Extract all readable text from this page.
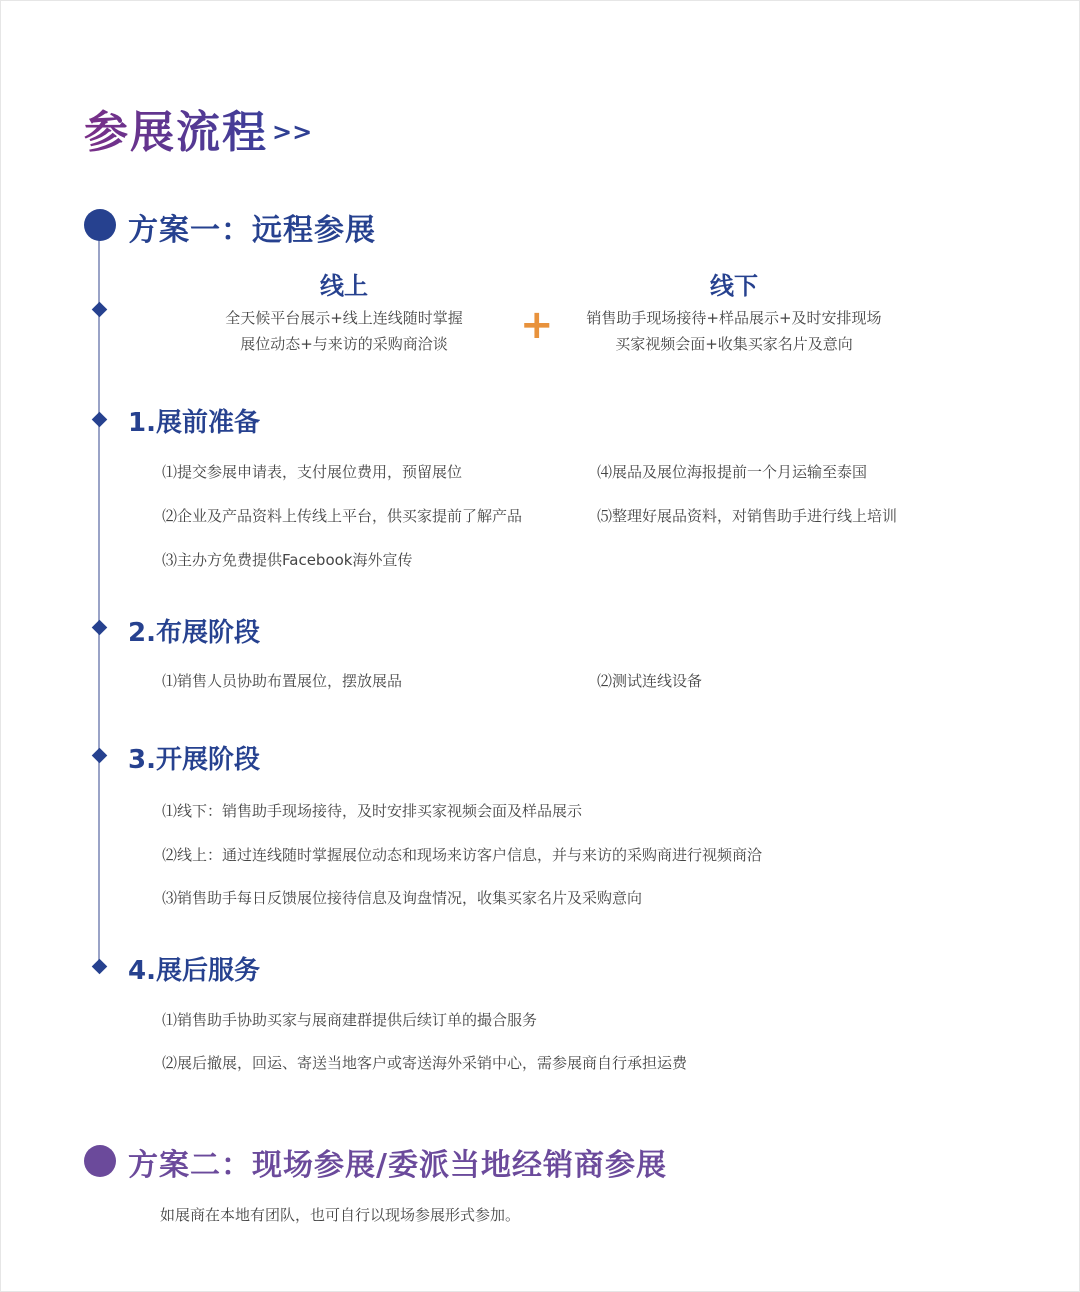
参展流程 >>
方案一：远程参展
线上
全天候平台展示+线上连线随时掌握
展位动态+与来访的采购商洽谈	+
线下
销售助手现场接待+样品展示+及时安排现场
买家视频会面+收集买家名片及意向
1.展前准备
⑴提交参展申请表，支付展位费用，预留展位
⑵企业及产品资料上传线上平台，供买家提前了解产品
⑶主办方免费提供Facebook海外宣传
⑷展品及展位海报提前一个月运输至泰国
⑸整理好展品资料，对销售助手进行线上培训
2.布展阶段
⑴销售人员协助布置展位，摆放展品	⑵测试连线设备
3.开展阶段
⑴线下：销售助手现场接待，及时安排买家视频会面及样品展示
⑵线上：通过连线随时掌握展位动态和现场来访客户信息，并与来访的采购商进行视频商洽
⑶销售助手每日反馈展位接待信息及询盘情况，收集买家名片及采购意向
4.展后服务
⑴销售助手协助买家与展商建群提供后续订单的撮合服务
⑵展后撤展，回运、寄送当地客户或寄送海外采销中心，需参展商自行承担运费
方案二：现场参展/委派当地经销商参展
如展商在本地有团队，也可自行以现场参展形式参加。
